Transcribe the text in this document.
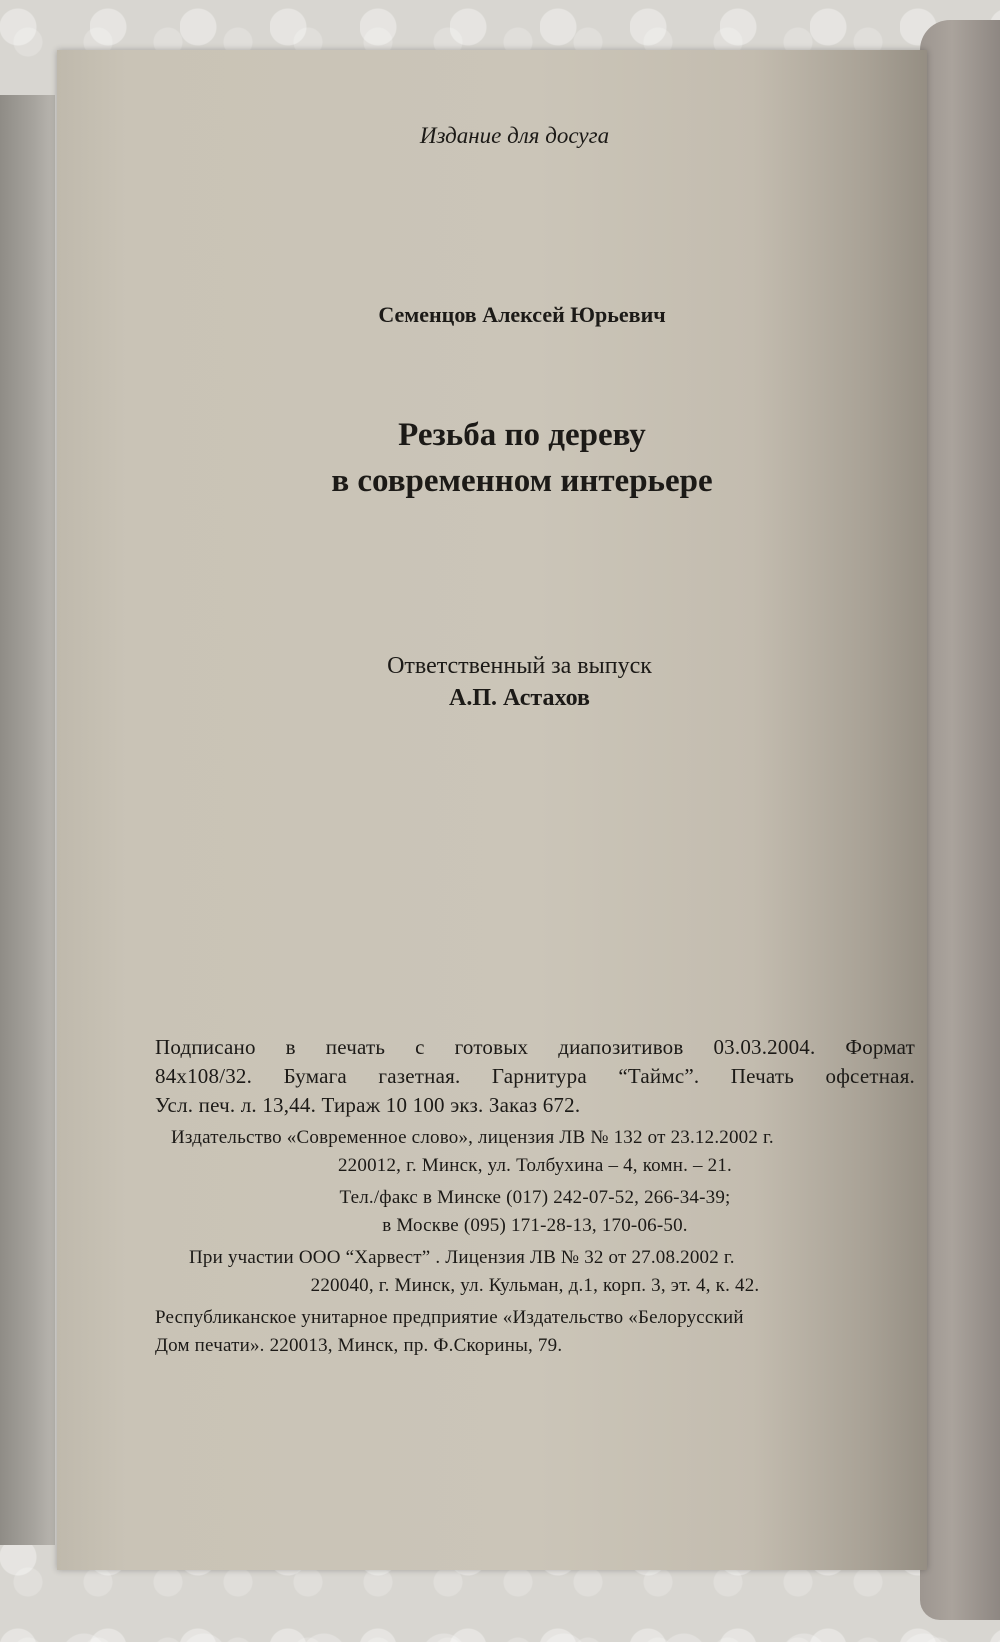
Издание для досуга
Семенцов Алексей Юрьевич
Резьба по дереву
в современном интерьере
Ответственный за выпуск
А.П. Астахов
Подписано в печать с готовых диапозитивов 03.03.2004. Формат
84х108/32. Бумага газетная. Гарнитура “Таймс”. Печать офсетная.
Усл. печ. л. 13,44. Тираж 10 100 экз. Заказ 672.
Издательство «Современное слово», лицензия ЛВ № 132 от 23.12.2002 г.
220012, г. Минск, ул. Толбухина – 4, комн. – 21.
Тел./факс в Минске (017) 242-07-52, 266-34-39;
в Москве (095) 171-28-13, 170-06-50.
При участии ООО “Харвест” . Лицензия ЛВ № 32 от 27.08.2002 г.
220040, г. Минск, ул. Кульман, д.1, корп. 3, эт. 4, к. 42.
Республиканское унитарное предприятие «Издательство «Белорусский
Дом печати». 220013, Минск, пр. Ф.Скорины, 79.
